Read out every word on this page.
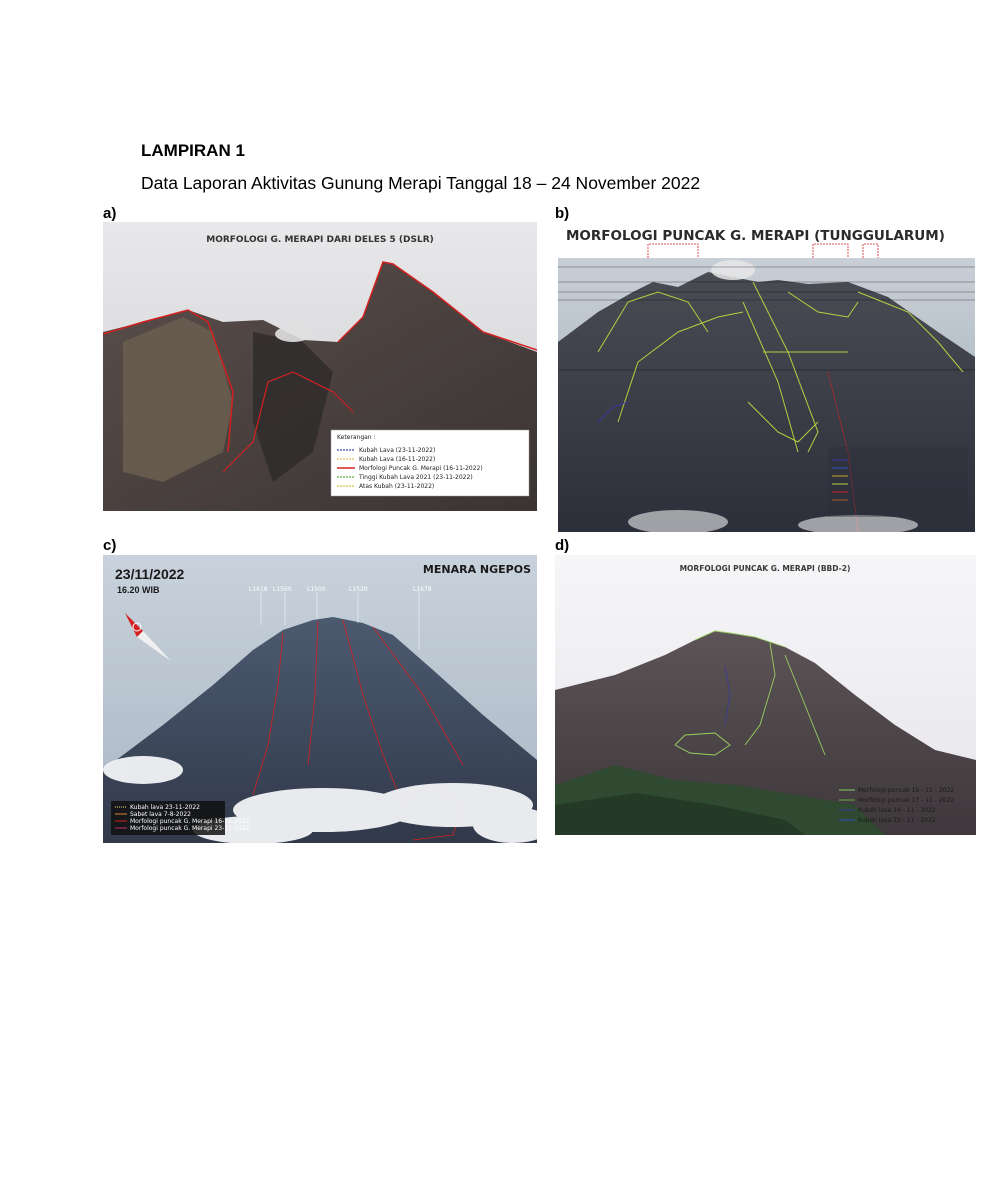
LAMPIRAN 1
Data Laporan Aktivitas Gunung Merapi Tanggal 18 – 24 November 2022
a)
MORFOLOGI G. MERAPI DARI DELES 5 (DSLR)
Keterangan :
Kubah Lava (23-11-2022)
Kubah Lava (16-11-2022)
Morfologi Puncak G. Merapi (16-11-2022)
Tinggi Kubah Lava 2021 (23-11-2022)
Atas Kubah (23-11-2022)
b)
MORFOLOGI PUNCAK G. MERAPI (TUNGGULARUM)
c)
23/11/2022
16.20 WIB
MENARA NGEPOS
L1618 L1560	L1500	L1520	L1678
Kubah lava 23-11-2022
Sabet lava 7-8-2022
Morfologi puncak G. Merapi 16-11-2022
Morfologi puncak G. Merapi 23-11-2022
d)
MORFOLOGI PUNCAK G. MERAPI (BBD-2)
Morfologi puncak 16 - 11 - 2022
Morfologi puncak 17 - 11 - 2022
Kubah lava 14 - 11 - 2022
Kubah lava 23 - 11 - 2022
